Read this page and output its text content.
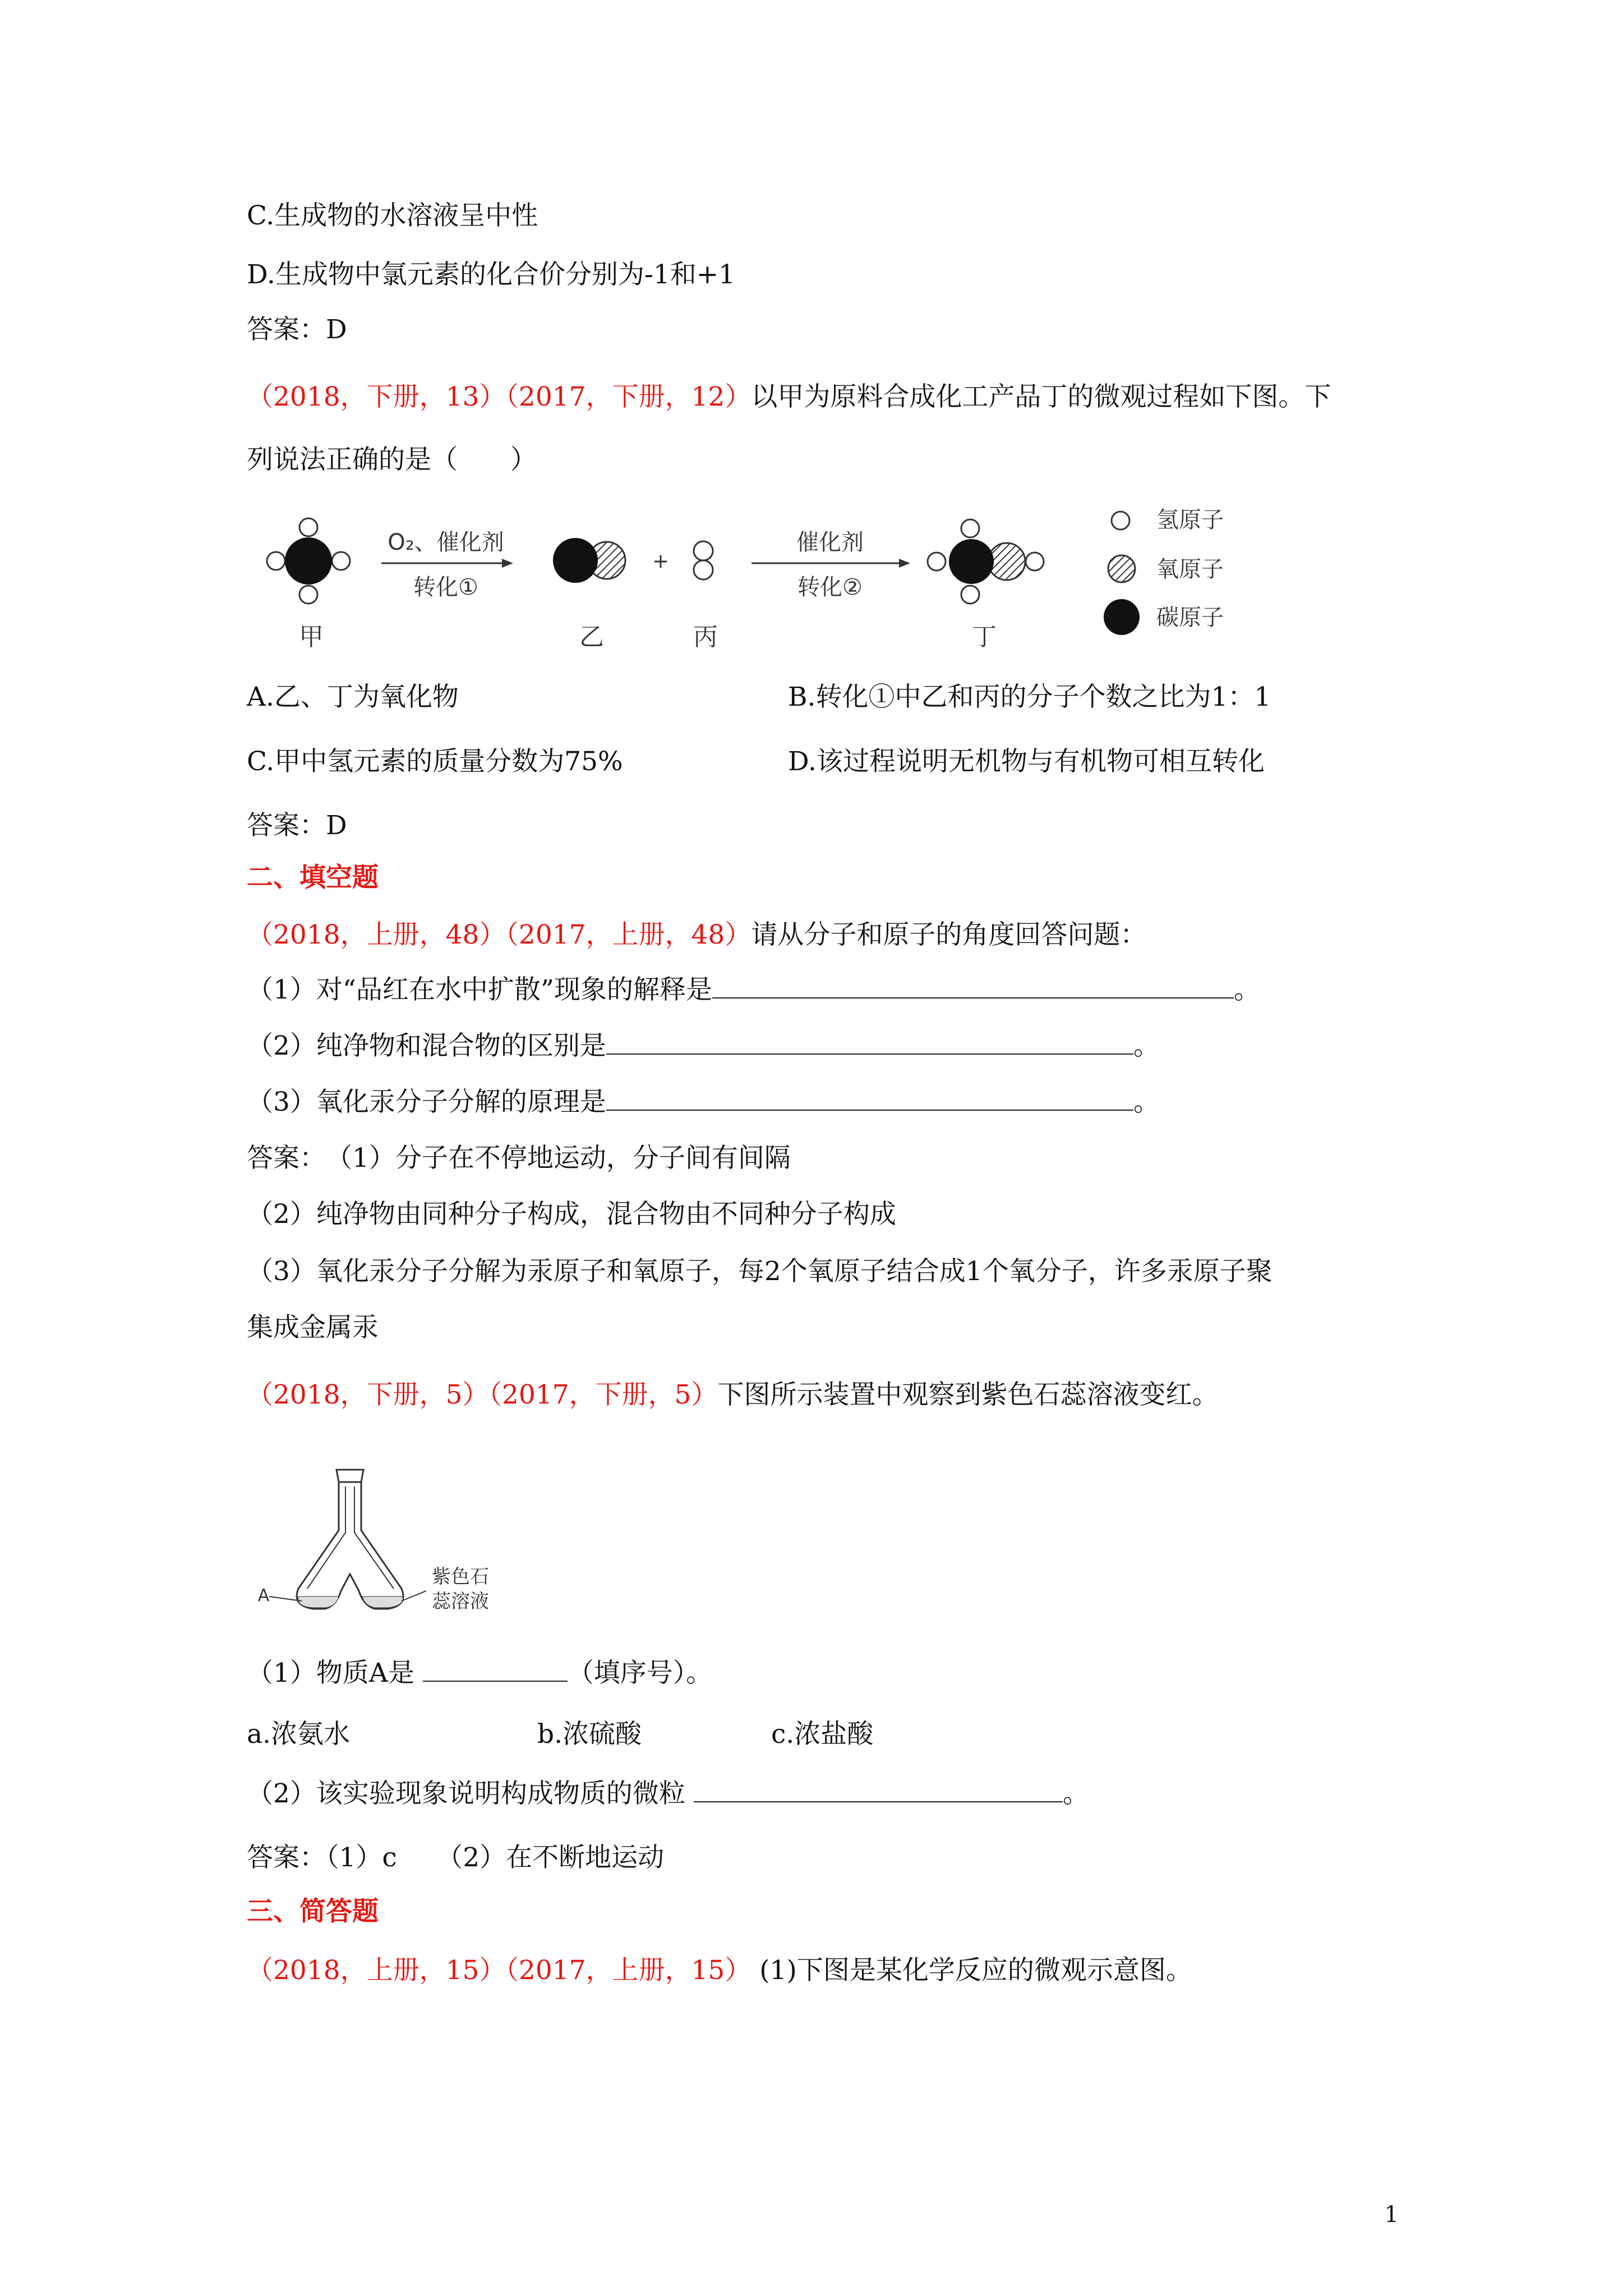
C.生成物的水溶液呈中性
D.生成物中氯元素的化合价分别为-1和+1
答案：D
（2018，下册，13）（2017，下册，12）以甲为原料合成化工产品丁的微观过程如下图。下
列说法正确的是（　　）
甲
O₂、催化剂
转化①
乙
+
丙
催化剂
转化②
丁
氢原子
氧原子
碳原子
A.乙、丁为氧化物	B.转化①中乙和丙的分子个数之比为1：1
C.甲中氢元素的质量分数为75%	D.该过程说明无机物与有机物可相互转化
答案：D
二、填空题
（2018，上册，48）（2017，上册，48）请从分子和原子的角度回答问题：
（1）对“品红在水中扩散”现象的解释是	。
（2）纯净物和混合物的区别是	。
（3）氧化汞分子分解的原理是	。
答案：　（1）分子在不停地运动，分子间有间隔
（2）纯净物由同种分子构成，混合物由不同种分子构成
（3）氧化汞分子分解为汞原子和氧原子，每2个氧原子结合成1个氧分子，许多汞原子聚
集成金属汞
（2018，下册，5）（2017，下册，5）下图所示装置中观察到紫色石蕊溶液变红。
A
紫色石
蕊溶液
（1）物质A是	（填序号）。
a.浓氨水	b.浓硫酸	c.浓盐酸
（2）该实验现象说明构成物质的微粒	。
答案：（1）c　　（2）在不断地运动
三、简答题
（2018，上册，15）（2017，上册，15） (1)下图是某化学反应的微观示意图。
1
